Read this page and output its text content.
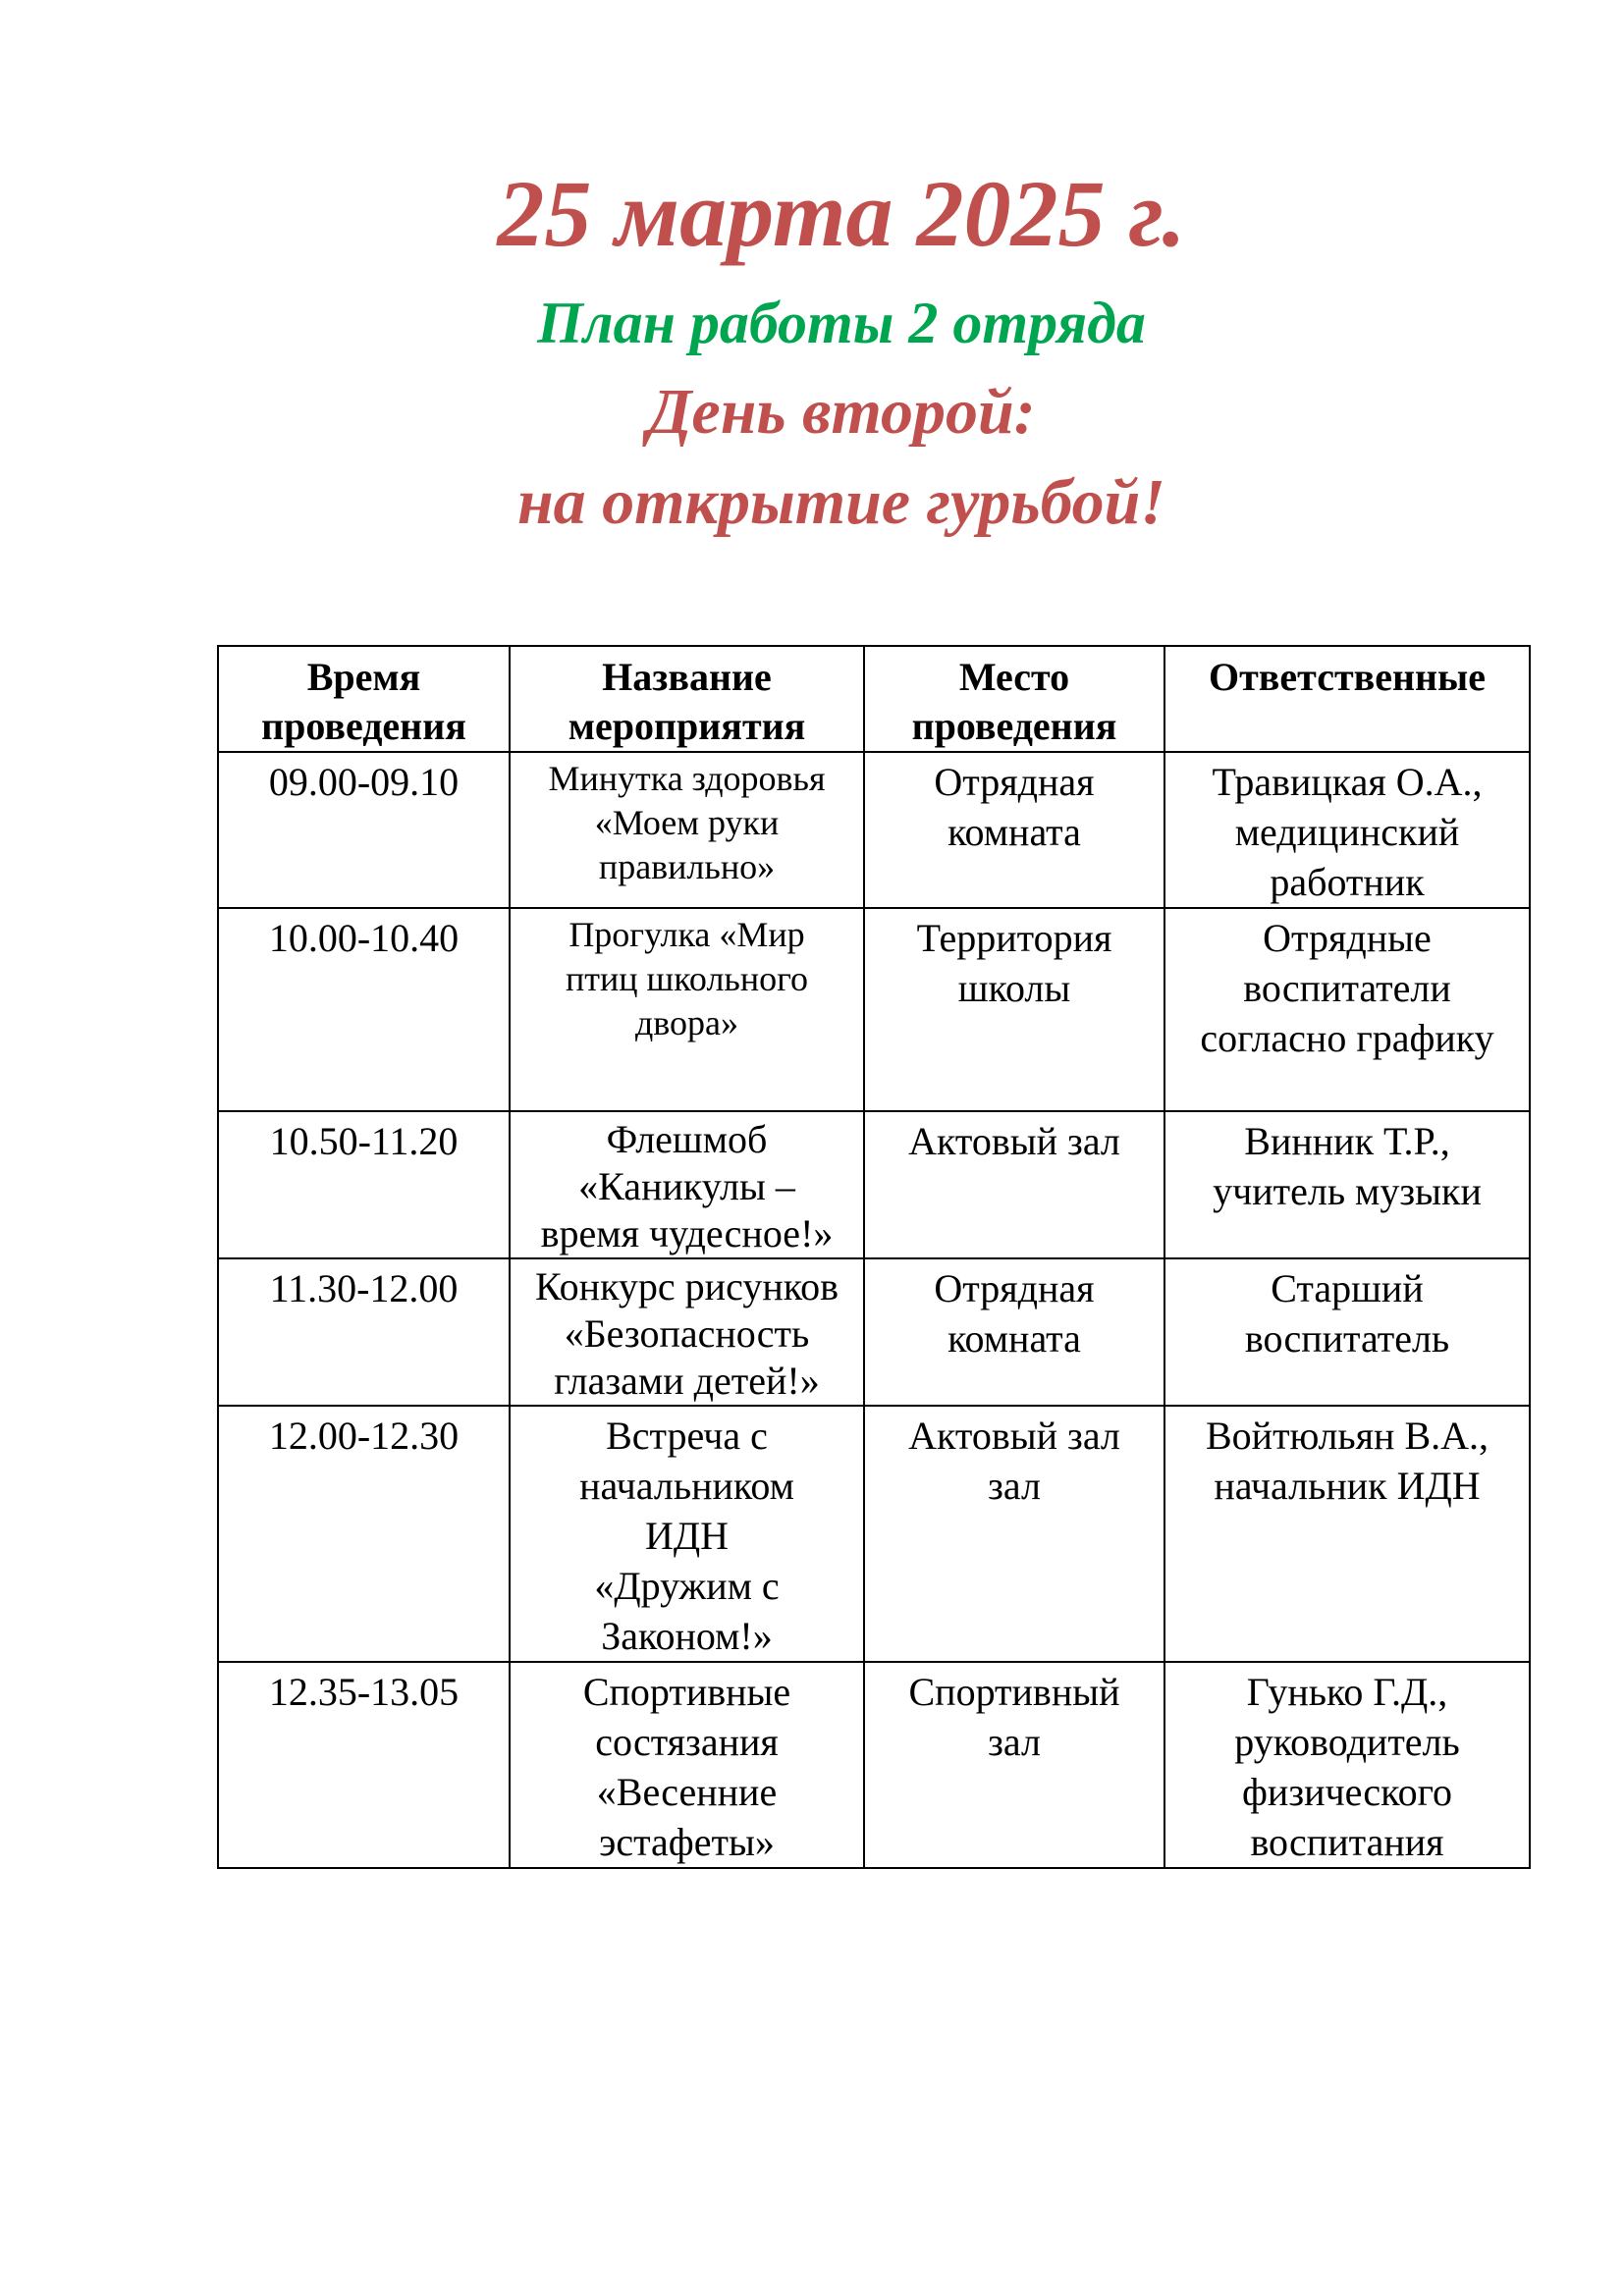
25 марта 2025 г.
План работы 2 отряда
День второй:
на открытие гурьбой!
Время
проведения	Название
мероприятия	Место
проведения	Ответственные

09.00-09.10	Минутка здоровья
«Моем руки
правильно»	Отрядная
комната	Травицкая О.А.,
медицинский
работник

10.00-10.40	Прогулка «Мир
птиц школьного
двора»	Территория
школы	Отрядные
воспитатели
согласно графику

10.50-11.20	Флешмоб
«Каникулы –
время чудесное!»	Актовый зал	Винник Т.Р.,
учитель музыки

11.30-12.00	Конкурс рисунков
«Безопасность
глазами детей!»	Отрядная
комната	Старший
воспитатель

12.00-12.30	Встреча с
начальником
ИДН
«Дружим с
Законом!»	Актовый зал
зал	Войтюльян В.А.,
начальник ИДН

12.35-13.05	Спортивные
состязания
«Весенние
эстафеты»	Спортивный
зал	Гунько Г.Д.,
руководитель
физического
воспитания
